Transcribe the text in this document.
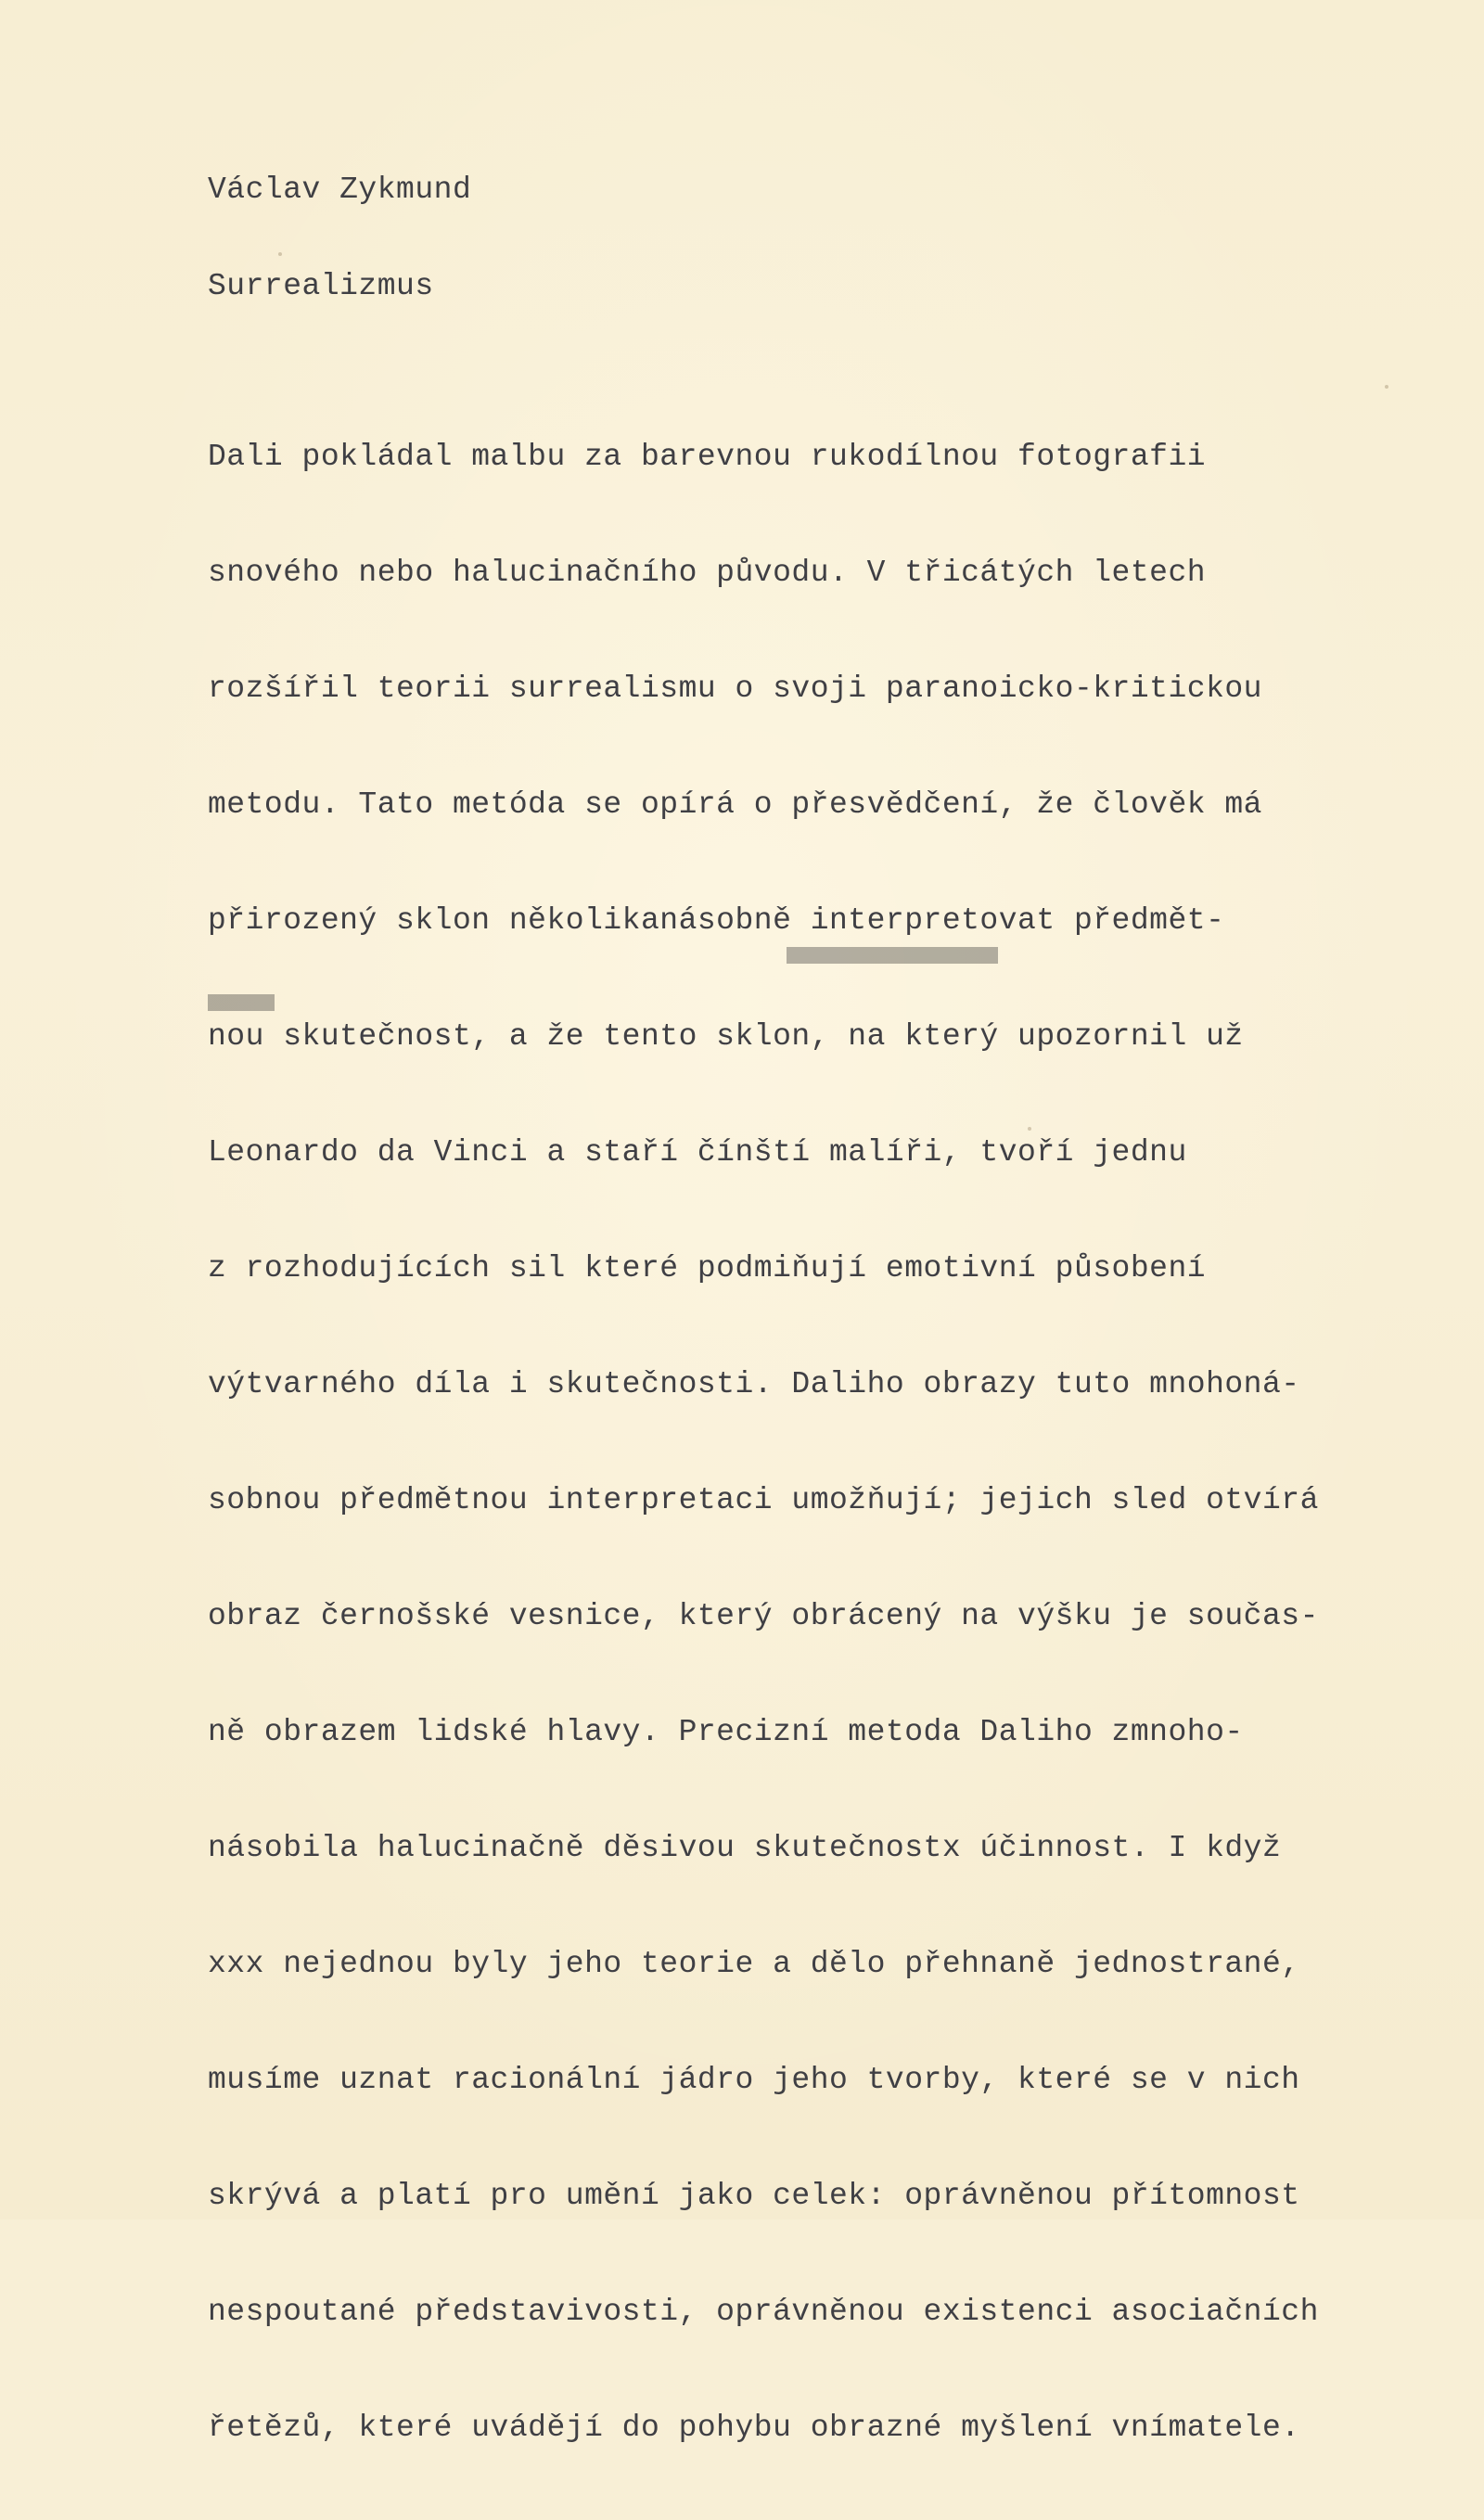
Václav Zykmund
Surrealizmus

Dali pokládal malbu za barevnou rukodílnou fotografii

snového nebo halucinačního původu. V třicátých letech

rozšířil teorii surrealismu o svoji paranoicko-kritickou

metodu. Tato metóda se opírá o přesvědčení, že člověk má

přirozený sklon několikanásobně interpretovat předmět-

nou skutečnost, a že tento sklon, na který upozornil už

Leonardo da Vinci a staří čínští malíři, tvoří jednu

z rozhodujících sil které podmiňují emotivní působení

výtvarného díla i skutečnosti. Daliho obrazy tuto mnohoná-

sobnou předmětnou interpretaci umožňují; jejich sled otvírá

obraz černošské vesnice, který obrácený na výšku je součas-

ně obrazem lidské hlavy. Precizní metoda Daliho zmnoho-

násobila halucinačně děsivou skutečnostx účinnost. I když

xxx nejednou byly jeho teorie a dělo přehnaně jednostrané,

musíme uznat racionální jádro jeho tvorby, které se v nich

skrývá a platí pro umění jako celek: oprávněnou přítomnost

nespoutané představivosti, oprávněnou existenci asociačních

řetězů, které uvádějí do pohybu obrazné myšlení vnímatele.
